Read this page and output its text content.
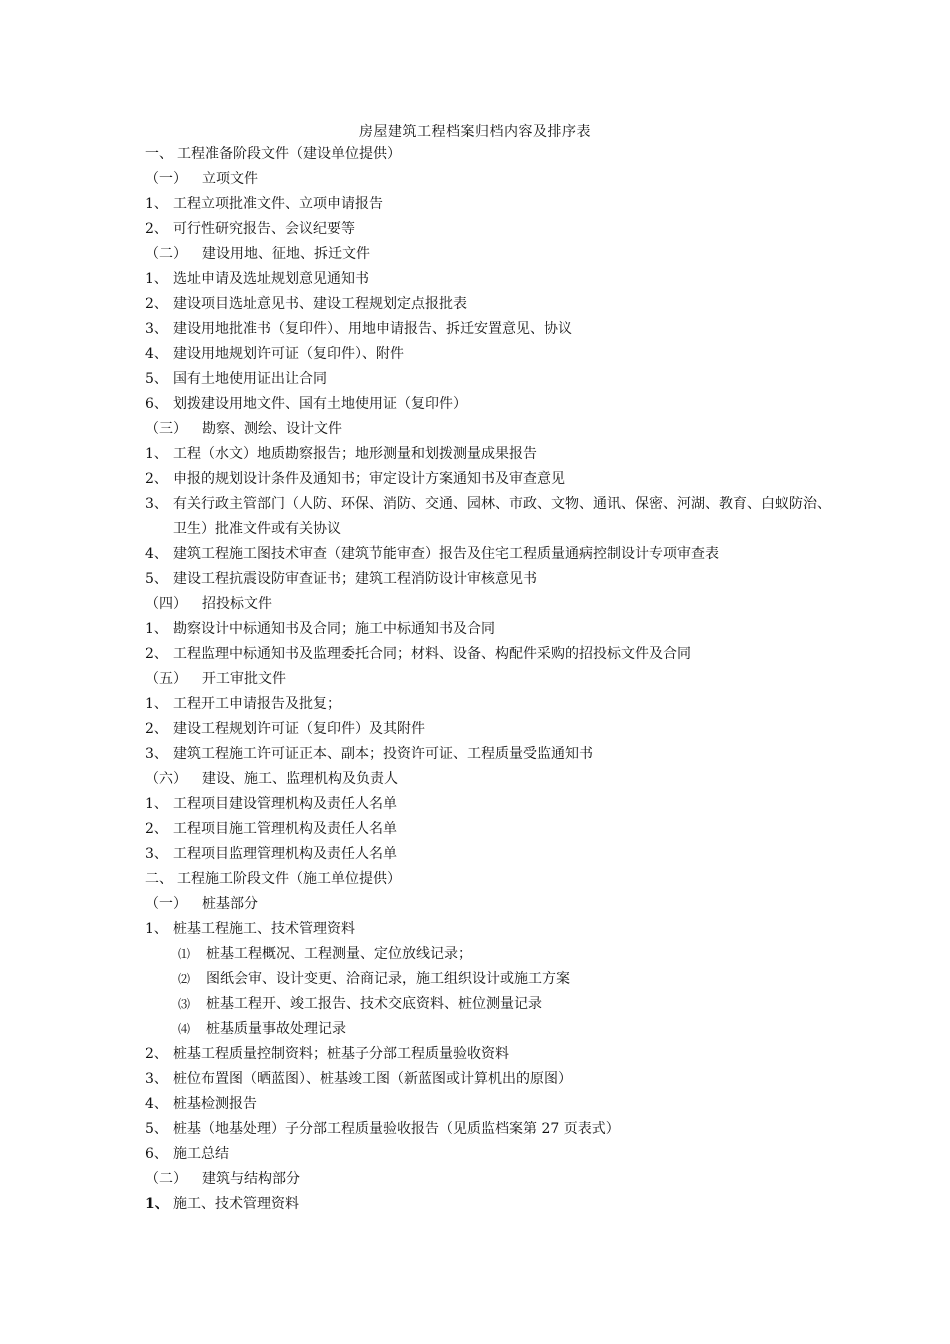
房屋建筑工程档案归档内容及排序表
一、 工程准备阶段文件（建设单位提供）
（一） 立项文件
1、 工程立项批准文件、立项申请报告
2、 可行性研究报告、会议纪要等
（二） 建设用地、征地、拆迁文件
1、 选址申请及选址规划意见通知书
2、 建设项目选址意见书、建设工程规划定点报批表
3、 建设用地批准书（复印件）、用地申请报告、拆迁安置意见、协议
4、 建设用地规划许可证（复印件）、附件
5、 国有土地使用证出让合同
6、 划拨建设用地文件、国有土地使用证（复印件）
（三） 勘察、测绘、设计文件
1、 工程（水文）地质勘察报告；地形测量和划拨测量成果报告
2、 申报的规划设计条件及通知书；审定设计方案通知书及审查意见
3、 有关行政主管部门（人防、环保、消防、交通、园林、市政、文物、通讯、保密、河湖、教育、白蚁防治、
卫生）批准文件或有关协议
4、 建筑工程施工图技术审查（建筑节能审查）报告及住宅工程质量通病控制设计专项审查表
5、 建设工程抗震设防审查证书；建筑工程消防设计审核意见书
（四） 招投标文件
1、 勘察设计中标通知书及合同；施工中标通知书及合同
2、 工程监理中标通知书及监理委托合同；材料、设备、构配件采购的招投标文件及合同
（五） 开工审批文件
1、 工程开工申请报告及批复；
2、 建设工程规划许可证（复印件）及其附件
3、 建筑工程施工许可证正本、副本；投资许可证、工程质量受监通知书
（六） 建设、施工、监理机构及负责人
1、 工程项目建设管理机构及责任人名单
2、 工程项目施工管理机构及责任人名单
3、 工程项目监理管理机构及责任人名单
二、 工程施工阶段文件（施工单位提供）
（一） 桩基部分
1、 桩基工程施工、技术管理资料
⑴ 桩基工程概况、工程测量、定位放线记录；
⑵ 图纸会审、设计变更、洽商记录，施工组织设计或施工方案
⑶ 桩基工程开、竣工报告、技术交底资料、桩位测量记录
⑷ 桩基质量事故处理记录
2、 桩基工程质量控制资料；桩基子分部工程质量验收资料
3、 桩位布置图（晒蓝图）、桩基竣工图（新蓝图或计算机出的原图）
4、 桩基检测报告
5、 桩基（地基处理）子分部工程质量验收报告（见质监档案第 27 页表式）
6、 施工总结
（二） 建筑与结构部分
1、 施工、技术管理资料
